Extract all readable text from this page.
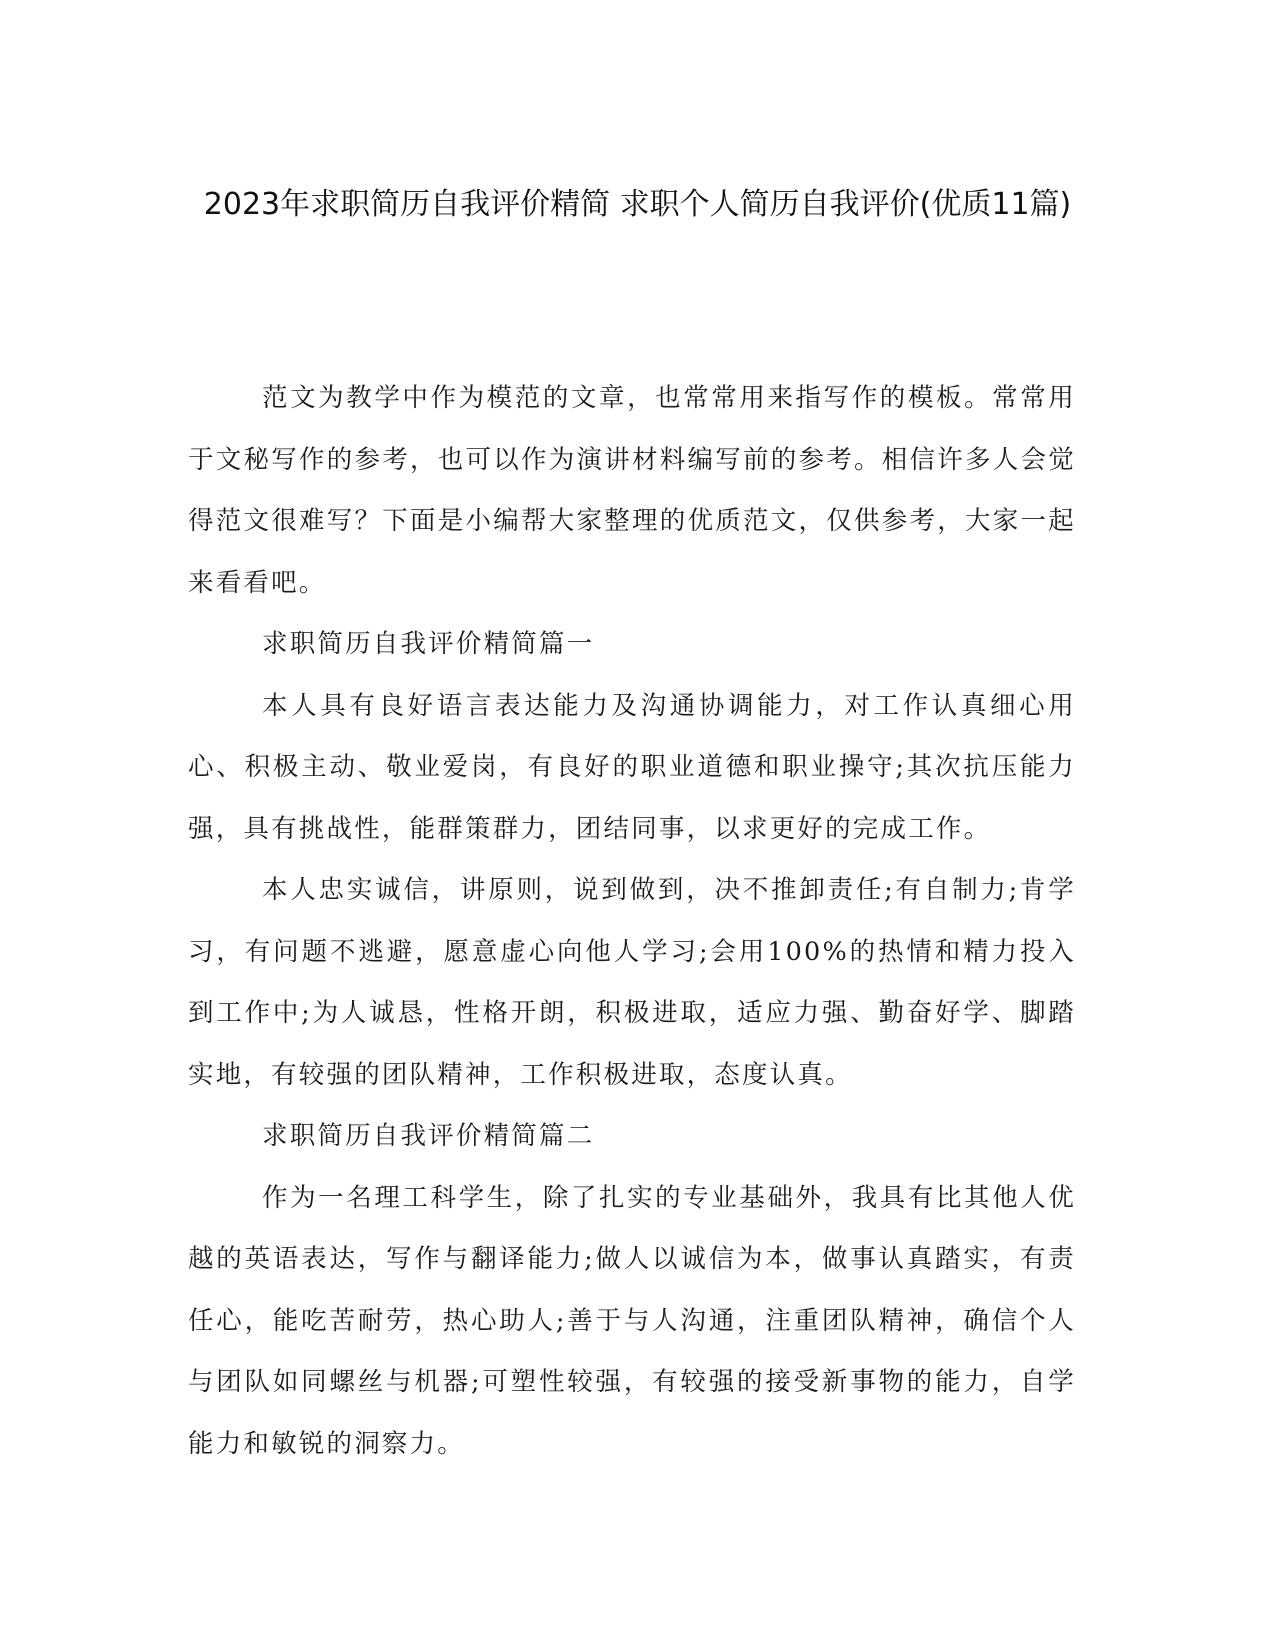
2023年求职简历自我评价精简 求职个人简历自我评价(优质11篇)

范文为教学中作为模范的文章，也常常用来指写作的模板。常常用于文秘写作的参考，也可以作为演讲材料编写前的参考。相信许多人会觉得范文很难写？下面是小编帮大家整理的优质范文，仅供参考，大家一起来看看吧。

求职简历自我评价精简篇一

本人具有良好语言表达能力及沟通协调能力，对工作认真细心用心、积极主动、敬业爱岗，有良好的职业道德和职业操守;其次抗压能力强，具有挑战性，能群策群力，团结同事，以求更好的完成工作。

本人忠实诚信，讲原则，说到做到，决不推卸责任;有自制力;肯学习，有问题不逃避，愿意虚心向他人学习;会用100%的热情和精力投入到工作中;为人诚恳，性格开朗，积极进取，适应力强、勤奋好学、脚踏实地，有较强的团队精神，工作积极进取，态度认真。

求职简历自我评价精简篇二

作为一名理工科学生，除了扎实的专业基础外，我具有比其他人优越的英语表达，写作与翻译能力;做人以诚信为本，做事认真踏实，有责任心，能吃苦耐劳，热心助人;善于与人沟通，注重团队精神，确信个人与团队如同螺丝与机器;可塑性较强，有较强的接受新事物的能力，自学能力和敏锐的洞察力。
